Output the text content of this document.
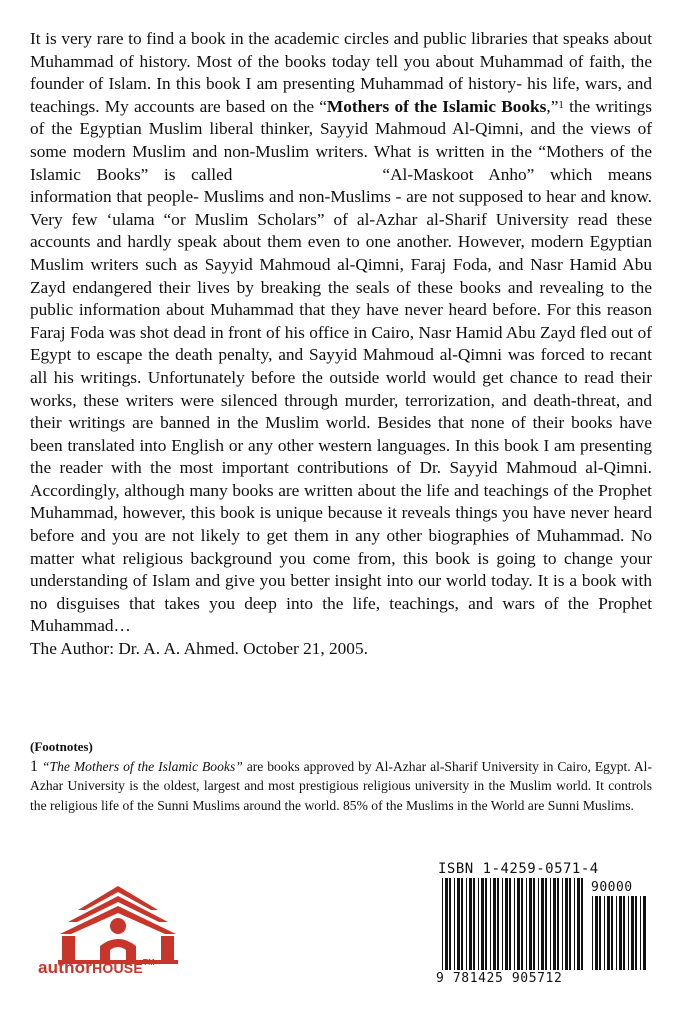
It is very rare to find a book in the academic circles and public libraries that speaks about Muhammad of history. Most of the books today tell you about Muhammad of faith, the founder of Islam. In this book I am presenting Muhammad of history- his life, wars, and teachings. My accounts are based on the “Mothers of the Islamic Books,”$^1$ the writings of the Egyptian Muslim liberal thinker, Sayyid Mahmoud Al-Qimni, and the views of some modern Muslim and non-Muslim writers. What is written in the “Mothers of the Islamic Books” is called	“Al-Maskoot Anho” which means information that people- Muslims and non-Muslims - are not supposed to hear and know. Very few ‘ulama “or Muslim Scholars” of al-Azhar al-Sharif University read these accounts and hardly speak about them even to one another. However, modern Egyptian Muslim writers such as Sayyid Mahmoud al-Qimni, Faraj Foda, and Nasr Hamid Abu Zayd endangered their lives by breaking the seals of these books and revealing to the public information about Muhammad that they have never heard before. For this reason Faraj Foda was shot dead in front of his office in Cairo, Nasr Hamid Abu Zayd fled out of Egypt to escape the death penalty, and Sayyid Mahmoud al-Qimni was forced to recant all his writings. Unfortunately before the outside world would get chance to read their works, these writers were silenced through murder, terrorization, and death-threat, and their writings are banned in the Muslim world. Besides that none of their books have been translated into English or any other western languages. In this book I am presenting the reader with the most important contributions of Dr. Sayyid Mahmoud al-Qimni. Accordingly, although many books are written about the life and teachings of the Prophet Muhammad, however, this book is unique because it reveals things you have never heard before and you are not likely to get them in any other biographies of Muhammad. No matter what religious background you come from, this book is going to change your understanding of Islam and give you better insight into our world today. It is a book with no disguises that takes you deep into the life, teachings, and wars of the Prophet Muhammad…

The Author: Dr. A. A. Ahmed. October 21, 2005.

(Footnotes)
1 “The Mothers of the Islamic Books” are books approved by Al-Azhar al-Sharif University in Cairo, Egypt. Al-Azhar University is the oldest, largest and most prestigious religious university in the Muslim world. It controls the religious life of the Sunni Muslims around the world. 85% of the Muslims in the World are Sunni Muslims.
authorHOUSE™
ISBN 1-4259-0571-4
90000
9 781425 905712
